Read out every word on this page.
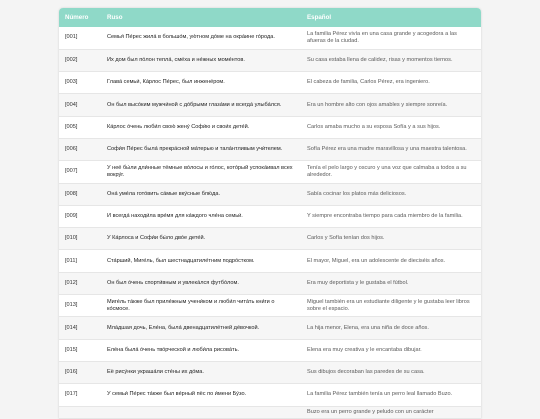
Número	Ruso	Español
[001]	Семья́ Пе́рес жила́ в большо́м, ую́тном до́ме на окра́ине го́рода.	La familia Pérez vivía en una casa grande y acogedora a las afueras de la ciudad.
[002]	Их дом был по́лон тепла́, сме́ха и не́жных моме́нтов.	Su casa estaba llena de calidez, risas y momentos tiernos.
[003]	Глава́ семьи́, Ка́рлос Пе́рес, был инжене́ром.	El cabeza de familia, Carlos Pérez, era ingeniero.
[004]	Он был высо́ким мужчи́ной с до́брыми глаза́ми и всегда́ улыба́лся.	Era un hombre alto con ojos amables y siempre sonreía.
[005]	Ка́рлос о́чень люби́л свою́ жену́ Софи́ю и свои́х дете́й.	Carlos amaba mucho a su esposa Sofía y a sus hijos.
[006]	Софи́я Пе́рес была́ прекра́сной ма́терью и тала́нтливым учи́телем.	Sofía Pérez era una madre maravillosa y una maestra talentosa.
[007]	У неё бы́ли дли́нные тёмные во́лосы и го́лос, кото́рый успока́ивал всех вокру́г.	Tenía el pelo largo y oscuro y una voz que calmaba a todos a su alrededor.
[008]	Она́ уме́ла гото́вить са́мые вку́сные блю́да.	Sabía cocinar los platos más deliciosos.
[009]	И всегда́ находи́ла вре́мя для ка́ждого чле́на семьи́.	Y siempre encontraba tiempo para cada miembro de la familia.
[010]	У Ка́рлоса и Софи́и бы́ло дво́е дете́й.	Carlos y Sofía tenían dos hijos.
[011]	Ста́рший, Миге́ль, был шестнадцатиле́тним подро́стком.	El mayor, Miguel, era un adolescente de dieciséis años.
[012]	Он был о́чень спорти́вным и увлека́лся футбо́лом.	Era muy deportista y le gustaba el fútbol.
[013]	Миге́ль та́кже был приле́жным учени́ком и люби́л чита́ть кни́ги о ко́смосе.	Miguel también era un estudiante diligente y le gustaba leer libros sobre el espacio.
[014]	Мла́дшая дочь, Еле́на, была́ двенадцатиле́тней де́вочкой.	La hija menor, Elena, era una niña de doce años.
[015]	Еле́на была́ о́чень тво́рческой и люби́ла рисова́ть.	Elena era muy creativa y le encantaba dibujar.
[016]	Её рису́нки украша́ли сте́ны их до́ма.	Sus dibujos decoraban las paredes de su casa.
[017]	У семьи́ Пе́рес та́кже был ве́рный пёс по и́мени Бу́зо.	La familia Pérez también tenía un perro leal llamado Buzo.
		Buzo era un perro grande y peludo con un carácter
